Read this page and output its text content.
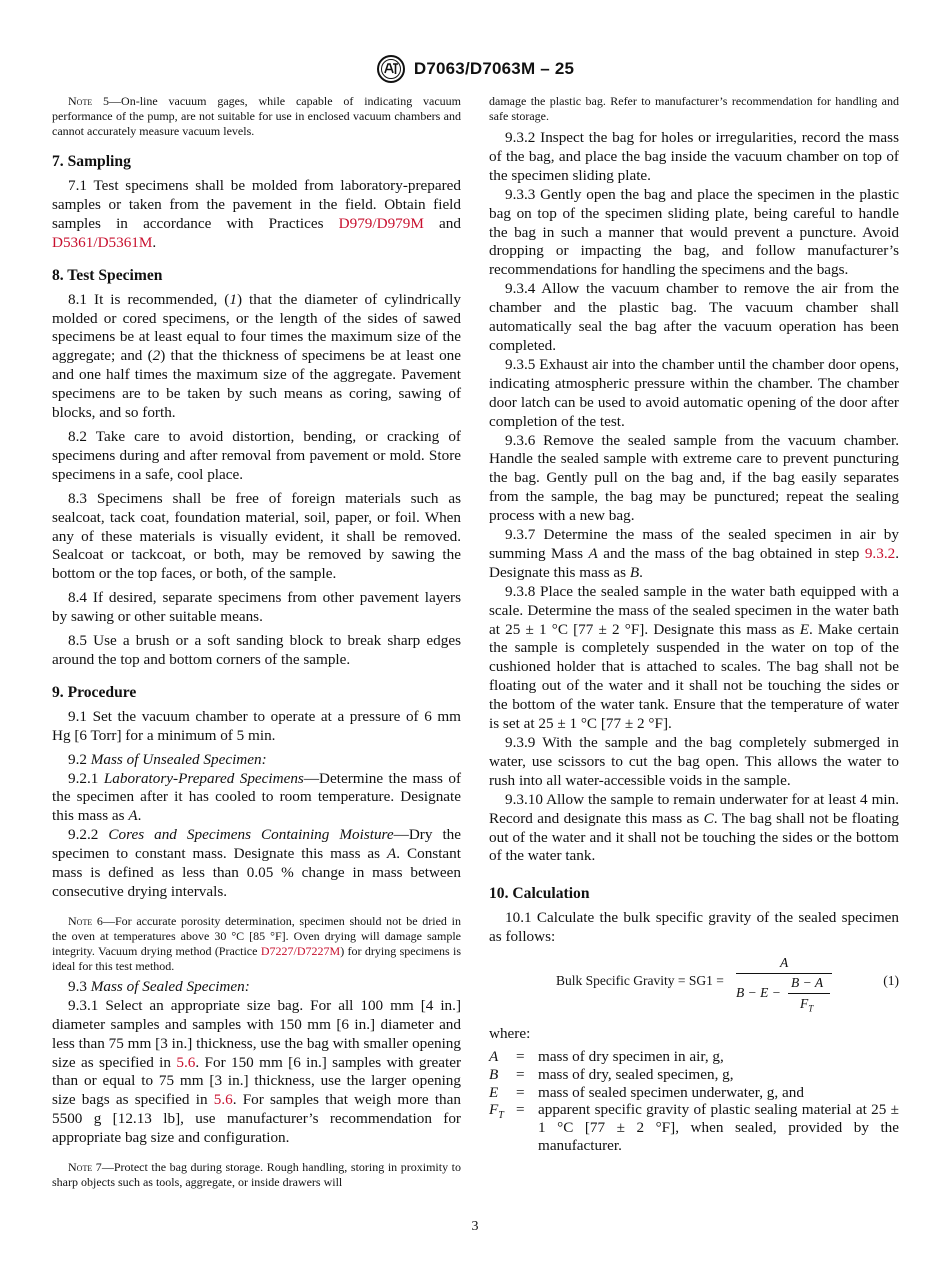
D7063/D7063M – 25

Note 5—On-line vacuum gages, while capable of indicating vacuum performance of the pump, are not suitable for use in enclosed vacuum chambers and cannot accurately measure vacuum levels.

7. Sampling

7.1 Test specimens shall be molded from laboratory-prepared samples or taken from the pavement in the field. Obtain field samples in accordance with Practices D979/D979M and D5361/D5361M.

8. Test Specimen

8.1 It is recommended, (1) that the diameter of cylindrically molded or cored specimens, or the length of the sides of sawed specimens be at least equal to four times the maximum size of the aggregate; and (2) that the thickness of specimens be at least one and one half times the maximum size of the aggregate. Pavement specimens are to be taken by such means as coring, sawing of blocks, and so forth.

8.2 Take care to avoid distortion, bending, or cracking of specimens during and after removal from pavement or mold. Store specimens in a safe, cool place.

8.3 Specimens shall be free of foreign materials such as sealcoat, tack coat, foundation material, soil, paper, or foil. When any of these materials is visually evident, it shall be removed. Sealcoat or tackcoat, or both, may be removed by sawing the bottom or the top faces, or both, of the sample.

8.4 If desired, separate specimens from other pavement layers by sawing or other suitable means.

8.5 Use a brush or a soft sanding block to break sharp edges around the top and bottom corners of the sample.

9. Procedure

9.1 Set the vacuum chamber to operate at a pressure of 6 mm Hg [6 Torr] for a minimum of 5 min.

9.2 Mass of Unsealed Specimen:

9.2.1 Laboratory-Prepared Specimens—Determine the mass of the specimen after it has cooled to room temperature. Designate this mass as A.

9.2.2 Cores and Specimens Containing Moisture—Dry the specimen to constant mass. Designate this mass as A. Constant mass is defined as less than 0.05 % change in mass between consecutive drying intervals.

Note 6—For accurate porosity determination, specimen should not be dried in the oven at temperatures above 30 °C [85 °F]. Oven drying will damage sample integrity. Vacuum drying method (Practice D7227/D7227M) for drying specimens is ideal for this test method.

9.3 Mass of Sealed Specimen:

9.3.1 Select an appropriate size bag. For all 100 mm [4 in.] diameter samples and samples with 150 mm [6 in.] diameter and less than 75 mm [3 in.] thickness, use the bag with smaller opening size as specified in 5.6. For 150 mm [6 in.] samples with greater than or equal to 75 mm [3 in.] thickness, use the larger opening size bags as specified in 5.6. For samples that weigh more than 5500 g [12.13 lb], use manufacturer’s recommendation for appropriate bag size and configuration.

Note 7—Protect the bag during storage. Rough handling, storing in proximity to sharp objects such as tools, aggregate, or inside drawers will

damage the plastic bag. Refer to manufacturer’s recommendation for handling and safe storage.

9.3.2 Inspect the bag for holes or irregularities, record the mass of the bag, and place the bag inside the vacuum chamber on top of the specimen sliding plate.

9.3.3 Gently open the bag and place the specimen in the plastic bag on top of the specimen sliding plate, being careful to handle the bag in such a manner that would prevent a puncture. Avoid dropping or impacting the bag, and follow manufacturer’s recommendations for handling the specimens and the bags.

9.3.4 Allow the vacuum chamber to remove the air from the chamber and the plastic bag. The vacuum chamber shall automatically seal the bag after the vacuum operation has been completed.

9.3.5 Exhaust air into the chamber until the chamber door opens, indicating atmospheric pressure within the chamber. The chamber door latch can be used to avoid automatic opening of the door after completion of the test.

9.3.6 Remove the sealed sample from the vacuum chamber. Handle the sealed sample with extreme care to prevent puncturing the bag. Gently pull on the bag and, if the bag easily separates from the sample, the bag may be punctured; repeat the sealing process with a new bag.

9.3.7 Determine the mass of the sealed specimen in air by summing Mass A and the mass of the bag obtained in step 9.3.2. Designate this mass as B.

9.3.8 Place the sealed sample in the water bath equipped with a scale. Determine the mass of the sealed specimen in the water bath at 25 ± 1 °C [77 ± 2 °F]. Designate this mass as E. Make certain the sample is completely suspended in the water on top of the cushioned holder that is attached to scales. The bag shall not be floating out of the water and it shall not be touching the sides or the bottom of the water tank. Ensure that the temperature of water is set at 25 ± 1 °C [77 ± 2 °F].

9.3.9 With the sample and the bag completely submerged in water, use scissors to cut the bag open. This allows the water to rush into all water-accessible voids in the sample.

9.3.10 Allow the sample to remain underwater for at least 4 min. Record and designate this mass as C. The bag shall not be floating out of the water and it shall not be touching the sides or the bottom of the water tank.

10. Calculation

10.1 Calculate the bulk specific gravity of the sealed specimen as follows:

Bulk Specific Gravity = SG1 =
A
B − E −
B − A
$F_T$
(1)

where:

A	= mass of dry specimen in air, g,
B	= mass of dry, sealed specimen, g,
E	= mass of sealed specimen underwater, g, and
$F_T$ = apparent specific gravity of plastic sealing material at 25 ± 1 °C [77 ± 2 °F], when sealed, provided by the manufacturer.
3
